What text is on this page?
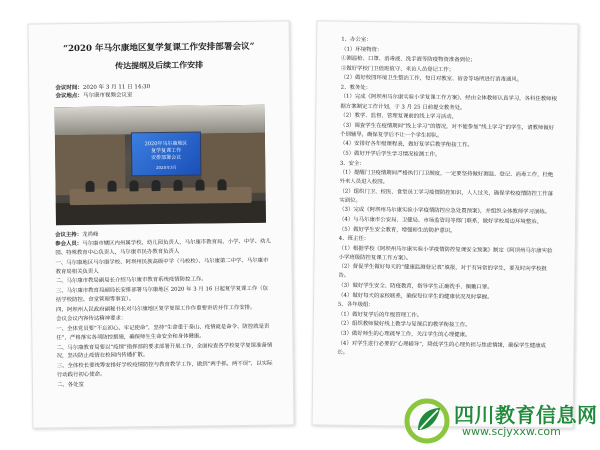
“2020 年马尔康地区复学复课工作安排部署会议”
传达提纲及后续工作安排
会议时间：2020 年 3 月 11 日 14:30
会议地点：马尔康市视频会议室
2020年马尔康地区
复学复课工作
安排部署会议
2020年3月

会议主持：龙尚峰

参会人员：马尔康市辖区内州属学校、幼儿园负责人，马尔康市教育局、小学、中学、幼儿园、特殊教育中心负责人，马尔康市民办教育负责人

一、马尔康地区马尔康学校、阿坝州民族高级中学（马校校）、马尔康第二中学、马尔康市教育局相关负责人

二、马尔康市教局副局长介绍马尔康市教育系统疫情防控工作。

三、马尔康市教育局副局长安排部署马尔康地区 2020 年 3 月 16 日起复学复课工作（包括学校防控、食堂管理等事宜）。

四、阿坝州人民政府副秘书长对马尔康地区复学复课工作作重要讲话并作工作安排。

会议会议内容传达精神要求：

一、全体党员要“不忘初心、牢记使命”，坚持“生命重于泰山、疫情就是命令、防控就是责任”，严格落实各项防控措施，确保师生生命安全和身体健康。

二、马尔康教育局要以“疫情”指挥部的要求部署开展工作，全面检查各学校复学复课准备情况，坚决防止疫情在校园内传播扩散。

三、全体校长要统筹安排好学校疫情防控与教育教学工作，做到“两手抓、两不误”，以实际行动践行初心使命。

二、各处室

1、办公室：

（1）环境物资：

①测温枪、口罩、消毒液、洗手液等防疫物资准备到位；

②做好学校门卫值班值守、来访人员登记工作；

（2）做好校园环境卫生整治工作，每日对教室、宿舍等场所进行消毒通风。

2、教务处：

（1）完成《阿坝州马尔康实验小学复课工作方案》，经由全体教师认真学习，各科任教师根据方案制定工作计划，于 3 月 25 日前提交教务处。

（2）教学、监督、管理复课前的线上学习活动。

（3）调查学生在疫情期间“线上学习”的情况，对不能参加“线上学习”的学生，请教师做好个别辅导，确保复学后不让一个学生掉队。

（4）安排好各年级课程表，做好复学后教学衔接工作。

（5）做好开学后学生学习情况检测工作。

3、安全：

（1）提醒门卫疫情期间严格执行门卫制度，一定要坚持做好测温、登记、消毒工作，杜绝外来人员进入校园。

（2）组织门卫、校医、食堂员工学习疫情防控知识，人人过关，确保学校疫情防控工作落实到位。

（3）完成《阿坝州马尔康实验小学疫情防控应急处置预案》，并组织全体教师学习演练。

（4）与马尔康市公安局、卫健局、市场监管局等部门联系，做好学校周边环境整治。

（5）做好学生安全教育，增强师生的防护意识。

4、班主任：

（1）根据学校《阿坝州马尔康实验小学疫情防控复课安全预案》制定《阿坝州马尔康实验小学班级防控复课工作方案》。

（2）督促学生做好每天的“健康监测登记表”填报，对于有异常的学生，要及时向学校报告。

（3）做好学生安全、防疫教育，指导学生正确洗手、佩戴口罩。

（4）做好每天的家校联系，确保每位学生的健康状况及时掌握。

5、各年级组：

（1）做好复学后的年级管理工作。

（2）组织教师做好线上教学与复课后的教学衔接工作。

（3）做好师生的心理疏导工作，关注学生的心理健康。

（4）对学生进行必要的“心理辅导”，降低学生的心理负担与焦虑情绪，确保学生健康成长。

四川教育信息网
www.scjyxxw.com
